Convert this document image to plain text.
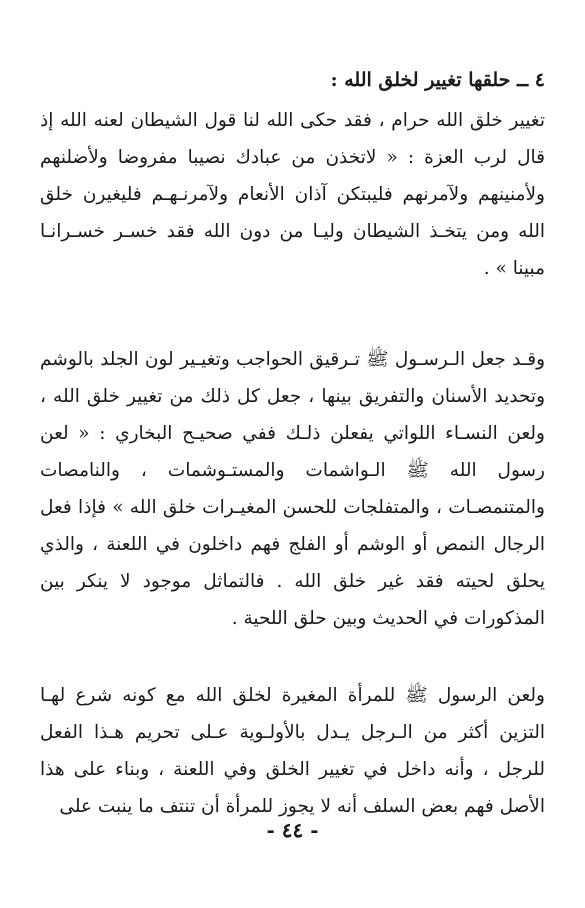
٤ ــ حلقها تغيير لخلق الله :

تغيير خلق الله حرام ، فقد حكى الله لنا قول الشيطان لعنه الله إذ قال لرب العزة : « لاتخذن من عبادك نصيبا مفروضا ولأضلنهم ولأمنينهم ولآمرنهم فليبتكن آذان الأنعام ولآمرنـهـم فليغيرن خلق الله ومن يتخـذ الشيطان وليـا من دون الله فقد خسـر خسـرانـا مبينا » .

وقـد جعل الـرسـول ﷺ تـرقيق الحواجب وتغيـير لون الجلد بالوشم وتحديد الأسنان والتفريق بينها ، جعل كل ذلك من تغيير خلق الله ، ولعن النسـاء اللواتي يفعلن ذلـك ففي صحيـح البخاري : « لعن رسول الله ﷺ الـواشمات والمستـوشمات ، والنامصات والمتنمصـات ، والمتفلجات للحسن المغيـرات خلق الله » فإذا فعل الرجال النمص أو الوشم أو الفلج فهم داخلون في اللعنة ، والذي يحلق لحيته فقد غير خلق الله . فالتماثل موجود لا ينكر بين المذكورات في الحديث وبين حلق اللحية .

ولعن الرسول ﷺ للمرأة المغيرة لخلق الله مع كونه شرع لهـا التزين أكثر من الـرجل يـدل بالأولـوية عـلى تحريم هـذا الفعل للرجل ، وأنه داخل في تغيير الخلق وفي اللعنة ، وبناء على هذا الأصل فهم بعض السلف أنه لا يجوز للمرأة أن تنتف ما ينبت على

- ٤٤ -
